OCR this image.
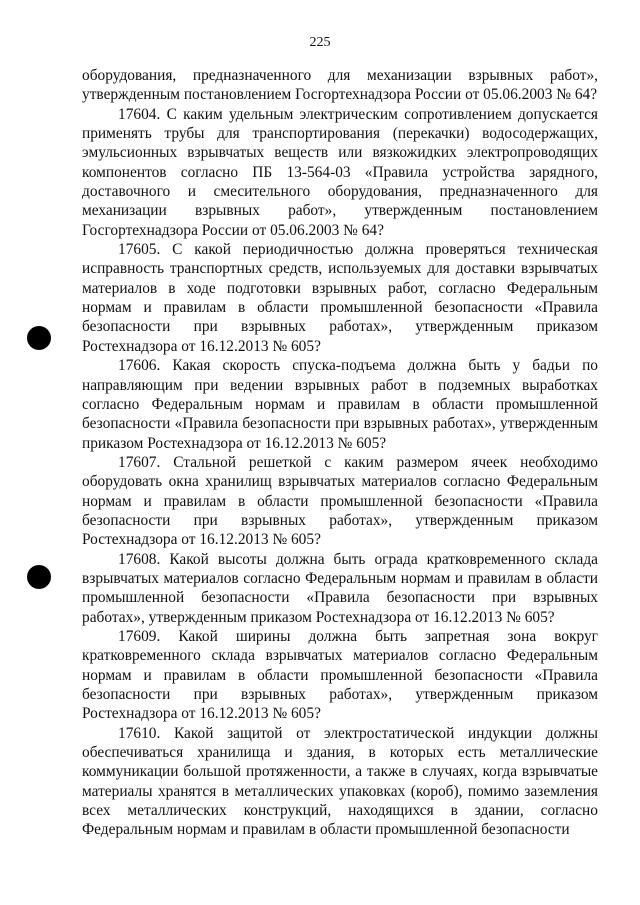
225

оборудования, предназначенного для механизации взрывных работ», утвержденным постановлением Госгортехнадзора России от 05.06.2003 № 64?

17604. С каким удельным электрическим сопротивлением допускается применять трубы для транспортирования (перекачки) водосодержащих, эмульсионных взрывчатых веществ или вязкожидких электропроводящих компонентов согласно ПБ 13-564-03 «Правила устройства зарядного, доставочного и смесительного оборудования, предназначенного для механизации взрывных работ», утвержденным постановлением Госгортехнадзора России от 05.06.2003 № 64?

17605. С какой периодичностью должна проверяться техническая исправность транспортных средств, используемых для доставки взрывчатых материалов в ходе подготовки взрывных работ, согласно Федеральным нормам и правилам в области промышленной безопасности «Правила безопасности при взрывных работах», утвержденным приказом Ростехнадзора от 16.12.2013 № 605?

17606. Какая скорость спуска-подъема должна быть у бадьи по направляющим при ведении взрывных работ в подземных выработках согласно Федеральным нормам и правилам в области промышленной безопасности «Правила безопасности при взрывных работах», утвержденным приказом Ростехнадзора от 16.12.2013 № 605?

17607. Стальной решеткой с каким размером ячеек необходимо оборудовать окна хранилищ взрывчатых материалов согласно Федеральным нормам и правилам в области промышленной безопасности «Правила безопасности при взрывных работах», утвержденным приказом Ростехнадзора от 16.12.2013 № 605?

17608. Какой высоты должна быть ограда кратковременного склада взрывчатых материалов согласно Федеральным нормам и правилам в области промышленной безопасности «Правила безопасности при взрывных работах», утвержденным приказом Ростехнадзора от 16.12.2013 № 605?

17609. Какой ширины должна быть запретная зона вокруг кратковременного склада взрывчатых материалов согласно Федеральным нормам и правилам в области промышленной безопасности «Правила безопасности при взрывных работах», утвержденным приказом Ростехнадзора от 16.12.2013 № 605?

17610. Какой защитой от электростатической индукции должны обеспечиваться хранилища и здания, в которых есть металлические коммуникации большой протяженности, а также в случаях, когда взрывчатые материалы хранятся в металлических упаковках (короб), помимо заземления всех металлических конструкций, находящихся в здании, согласно Федеральным нормам и правилам в области промышленной безопасности
